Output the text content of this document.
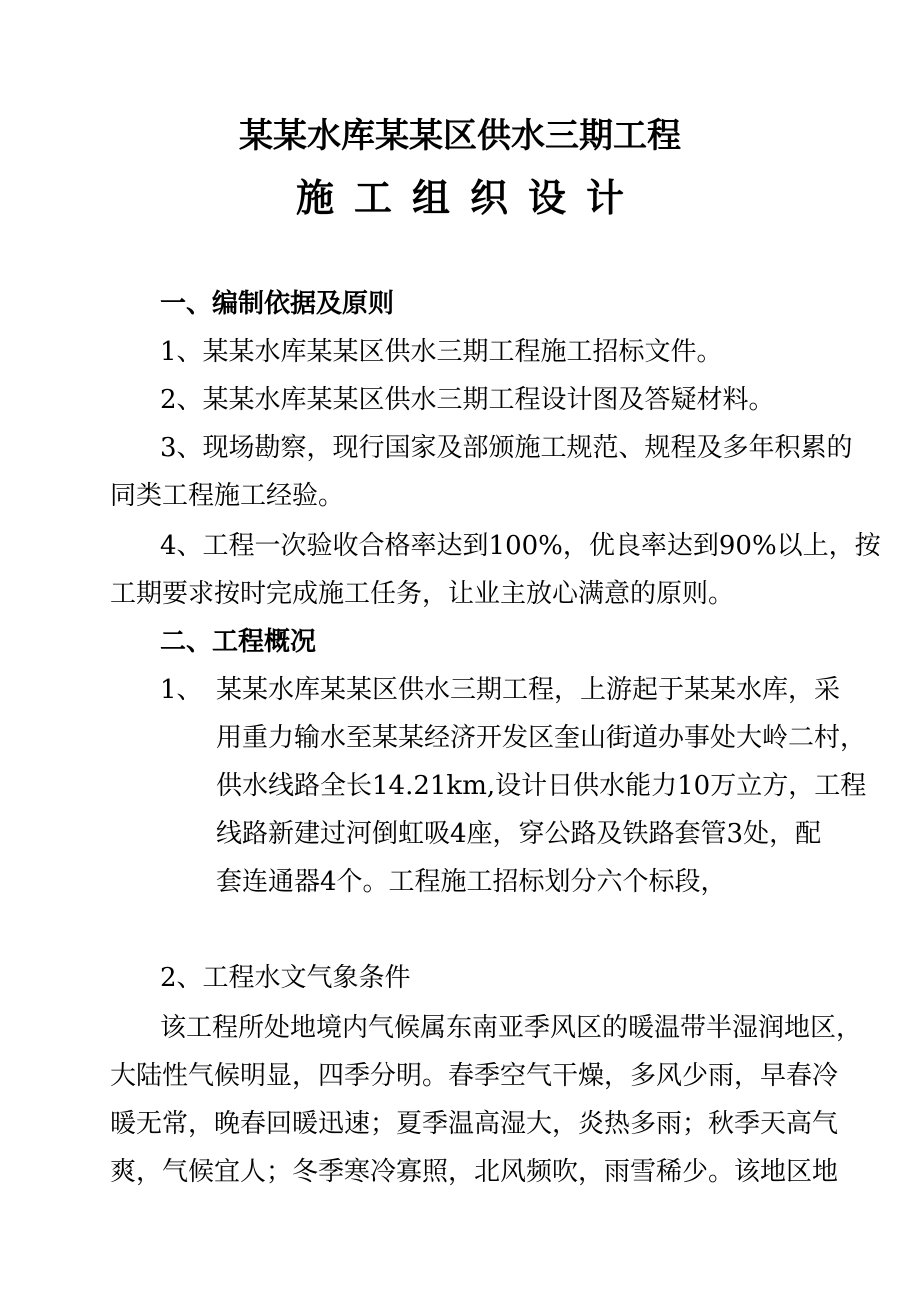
某某水库某某区供水三期工程
施工组织设计
一、编制依据及原则
1、某某水库某某区供水三期工程施工招标文件。
2、某某水库某某区供水三期工程设计图及答疑材料。
3、现场勘察，现行国家及部颁施工规范、规程及多年积累的
同类工程施工经验。
4、工程一次验收合格率达到100%，优良率达到90%以上，按
工期要求按时完成施工任务，让业主放心满意的原则。
二、工程概况
1、 某某水库某某区供水三期工程，上游起于某某水库，采
用重力输水至某某经济开发区奎山街道办事处大岭二村，
供水线路全长14.21km,设计日供水能力10万立方，工程
线路新建过河倒虹吸4座，穿公路及铁路套管3处，配
套连通器4个。工程施工招标划分六个标段，
2、工程水文气象条件
该工程所处地境内气候属东南亚季风区的暖温带半湿润地区，
大陆性气候明显，四季分明。春季空气干燥，多风少雨，早春冷
暖无常，晚春回暖迅速；夏季温高湿大，炎热多雨；秋季天高气
爽，气候宜人；冬季寒冷寡照，北风频吹，雨雪稀少。该地区地
